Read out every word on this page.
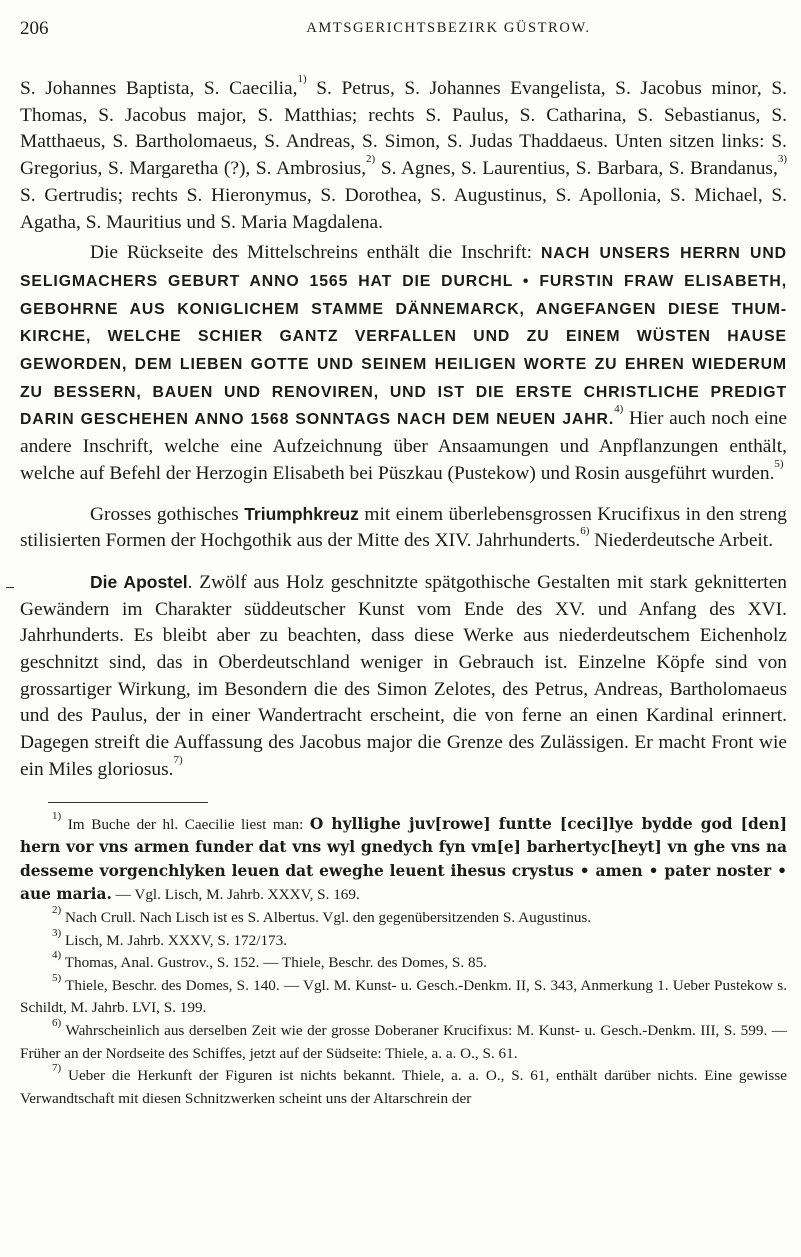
206	AMTSGERICHTSBEZIRK GÜSTROW.

S. Johannes Baptista, S. Caecilia,$^{1)}$ S. Petrus, S. Johannes Evangelista, S. Jacobus minor, S. Thomas, S. Jacobus major, S. Matthias; rechts S. Paulus, S. Catharina, S. Sebastianus, S. Matthaeus, S. Bartholomaeus, S. Andreas, S. Simon, S. Judas Thaddaeus. Unten sitzen links: S. Gregorius, S. Margaretha (?), S. Ambrosius,$^{2)}$ S. Agnes, S. Laurentius, S. Barbara, S. Brandanus,$^{3)}$ S. Gertrudis; rechts S. Hieronymus, S. Dorothea, S. Augustinus, S. Apollonia, S. Michael, S. Agatha, S. Mauritius und S. Maria Magdalena.

Die Rückseite des Mittelschreins enthält die Inschrift: NACH UNSERS HERRN UND SELIGMACHERS GEBURT ANNO 1565 HAT DIE DURCHL • FURSTIN FRAW ELISABETH, GEBOHRNE AUS KONIGLICHEM STAMME DÄNNEMARCK, ANGEFANGEN DIESE THUM-KIRCHE, WELCHE SCHIER GANTZ VERFALLEN UND ZU EINEM WÜSTEN HAUSE GEWORDEN, DEM LIEBEN GOTTE UND SEINEM HEILIGEN WORTE ZU EHREN WIEDERUM ZU BESSERN, BAUEN UND RENOVIREN, UND IST DIE ERSTE CHRISTLICHE PREDIGT DARIN GESCHEHEN ANNO 1568 SONNTAGS NACH DEM NEUEN JAHR.$^{4)}$ Hier auch noch eine andere Inschrift, welche eine Aufzeichnung über Ansaamungen und Anpflanzungen enthält, welche auf Befehl der Herzogin Elisabeth bei Püszkau (Pustekow) und Rosin ausgeführt wurden.$^{5)}$

Grosses gothisches Triumphkreuz mit einem überlebensgrossen Krucifixus in den streng stilisierten Formen der Hochgothik aus der Mitte des XIV. Jahrhunderts.$^{6)}$ Niederdeutsche Arbeit.

Die Apostel. Zwölf aus Holz geschnitzte spätgothische Gestalten mit stark geknitterten Gewändern im Charakter süddeutscher Kunst vom Ende des XV. und Anfang des XVI. Jahrhunderts. Es bleibt aber zu beachten, dass diese Werke aus niederdeutschem Eichenholz geschnitzt sind, das in Oberdeutschland weniger in Gebrauch ist. Einzelne Köpfe sind von grossartiger Wirkung, im Besondern die des Simon Zelotes, des Petrus, Andreas, Bartholomaeus und des Paulus, der in einer Wandertracht erscheint, die von ferne an einen Kardinal erinnert. Dagegen streift die Auffassung des Jacobus major die Grenze des Zulässigen. Er macht Front wie ein Miles gloriosus.$^{7)}$

$^{1)}$ Im Buche der hl. Caecilie liest man: O hyllighe juv[rowe] funtte [ceci]lye bydde god [den] hern vor vns armen funder dat vns wyl gnedych fyn vm[e] barhertyc[heyt] vn ghe vns na desseme vorgenchlyken leuen dat eweghe leuent ihesus crystus • amen • pater noster • aue maria. — Vgl. Lisch, M. Jahrb. XXXV, S. 169.

$^{2)}$ Nach Crull. Nach Lisch ist es S. Albertus. Vgl. den gegenübersitzenden S. Augustinus.

$^{3)}$ Lisch, M. Jahrb. XXXV, S. 172/173.

$^{4)}$ Thomas, Anal. Gustrov., S. 152. — Thiele, Beschr. des Domes, S. 85.

$^{5)}$ Thiele, Beschr. des Domes, S. 140. — Vgl. M. Kunst- u. Gesch.-Denkm. II, S. 343, Anmerkung 1. Ueber Pustekow s. Schildt, M. Jahrb. LVI, S. 199.

$^{6)}$ Wahrscheinlich aus derselben Zeit wie der grosse Doberaner Krucifixus: M. Kunst- u. Gesch.-Denkm. III, S. 599. — Früher an der Nordseite des Schiffes, jetzt auf der Südseite: Thiele, a. a. O., S. 61.

$^{7)}$ Ueber die Herkunft der Figuren ist nichts bekannt. Thiele, a. a. O., S. 61, enthält darüber nichts. Eine gewisse Verwandtschaft mit diesen Schnitzwerken scheint uns der Altarschrein der
